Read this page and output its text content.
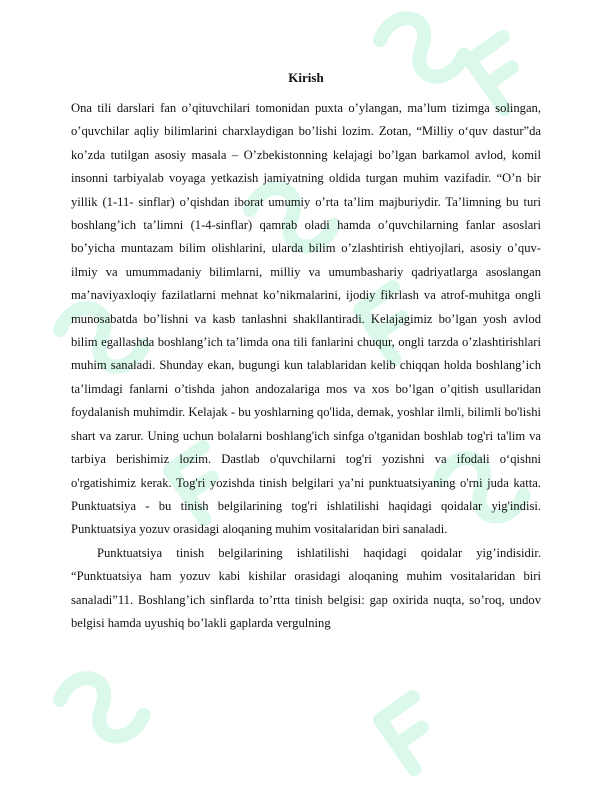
Kirish

Ona tili darslari fan o’qituvchilari tomonidan puxta o’ylangan, ma’lum tizimga solingan, o’quvchilar aqliy bilimlarini charxlaydigan bo’lishi lozim. Zotan, “Milliy o‘quv dastur”da ko’zda tutilgan asosiy masala – O’zbekistonning kelajagi bo’lgan barkamol avlod, komil insonni tarbiyalab voyaga yetkazish jamiyatning oldida turgan muhim vazifadir. “O’n bir yillik (1-11- sinflar) o’qishdan iborat umumiy o’rta ta’lim majburiydir. Ta’limning bu turi boshlang’ich ta’limni (1-4-sinflar) qamrab oladi hamda o’quvchilarning fanlar asoslari bo’yicha muntazam bilim olishlarini, ularda bilim o’zlashtirish ehtiyojlari, asosiy o’quv-ilmiy va umummadaniy bilimlarni, milliy va umumbashariy qadriyatlarga asoslangan ma’naviyaxloqiy fazilatlarni mehnat ko’nikmalarini, ijodiy fikrlash va atrof-muhitga ongli munosabatda bo’lishni va kasb tanlashni shakllantiradi. Kelajagimiz bo’lgan yosh avlod bilim egallashda boshlang’ich ta’limda ona tili fanlarini chuqur, ongli tarzda o’zlashtirishlari muhim sanaladi. Shunday ekan, bugungi kun talablaridan kelib chiqqan holda boshlang’ich ta’limdagi fanlarni o’tishda jahon andozalariga mos va xos bo’lgan o’qitish usullaridan foydalanish muhimdir. Kelajak - bu yoshlarning qo'lida, demak, yoshlar ilmli, bilimli bo'lishi shart va zarur. Uning uchun bolalarni boshlang'ich sinfga o'tganidan boshlab tog'ri ta'lim va tarbiya berishimiz lozim. Dastlab o'quvchilarni tog'ri yozishni va ifodali o‘qishni o'rgatishimiz kerak. Tog'ri yozishda tinish belgilari ya’ni punktuatsiyaning o'rni juda katta. Punktuatsiya - bu tinish belgilarining tog'ri ishlatilishi haqidagi qoidalar yig'indisi. Punktuatsiya yozuv orasidagi aloqaning muhim vositalaridan biri sanaladi.

Punktuatsiya tinish belgilarining ishlatilishi haqidagi qoidalar yig’indisidir. “Punktuatsiya ham yozuv kabi kishilar orasidagi aloqaning muhim vositalaridan biri sanaladi”11. Boshlang’ich sinflarda to’rtta tinish belgisi: gap oxirida nuqta, so’roq, undov belgisi hamda uyushiq bo’lakli gaplarda vergulning
